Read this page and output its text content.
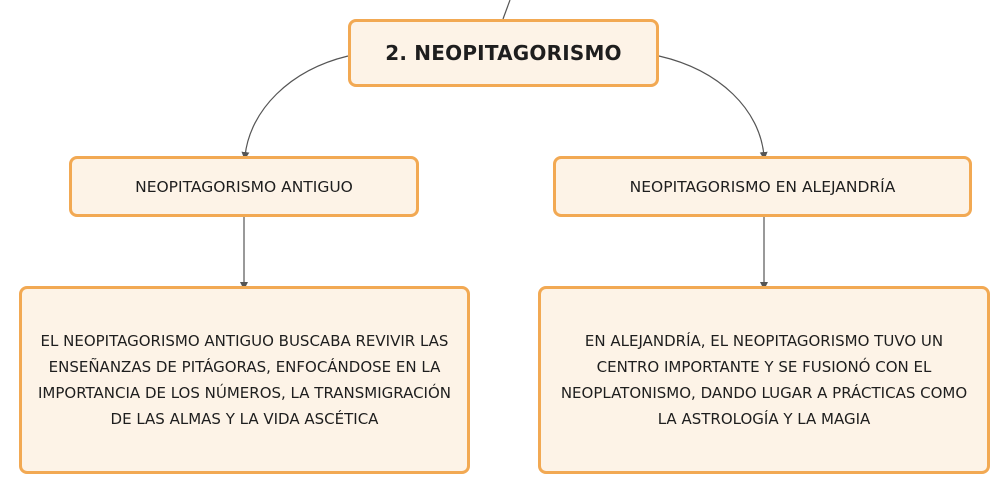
2. NEOPITAGORISMO
NEOPITAGORISMO ANTIGUO	NEOPITAGORISMO EN ALEJANDRÍA
EL NEOPITAGORISMO ANTIGUO BUSCABA REVIVIR LAS ENSEÑANZAS DE PITÁGORAS, ENFOCÁNDOSE EN LA IMPORTANCIA DE LOS NÚMEROS, LA TRANSMIGRACIÓN DE LAS ALMAS Y LA VIDA ASCÉTICA
EN ALEJANDRÍA, EL NEOPITAGORISMO TUVO UN CENTRO IMPORTANTE Y SE FUSIONÓ CON EL NEOPLATONISMO, DANDO LUGAR A PRÁCTICAS COMO LA ASTROLOGÍA Y LA MAGIA
